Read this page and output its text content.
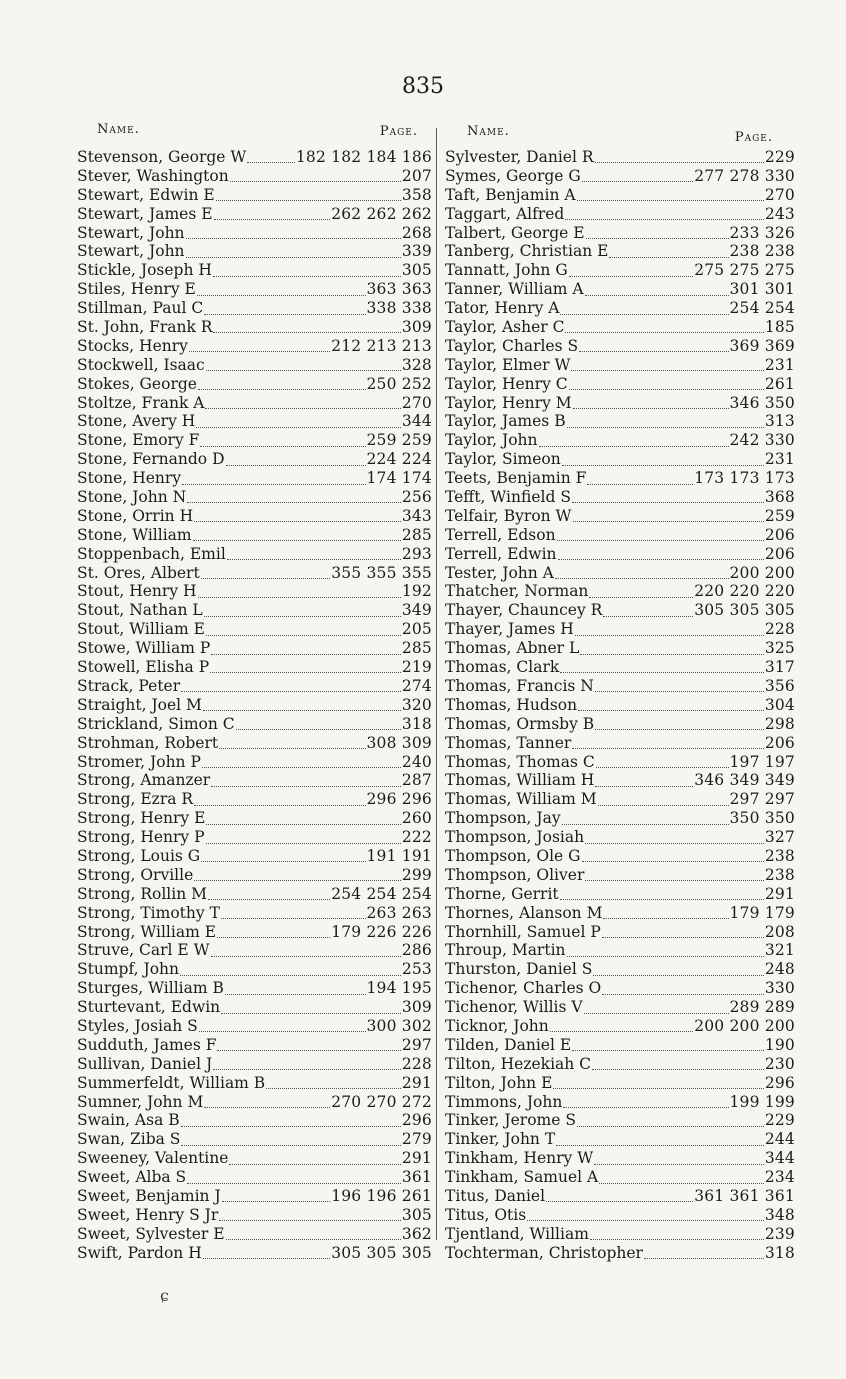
835
Name.	Page.
Stevenson, George W	182 182 184 186
Stever, Washington	207
Stewart, Edwin E	358
Stewart, James E	262 262 262
Stewart, John	268
Stewart, John	339
Stickle, Joseph H	305
Stiles, Henry E	363 363
Stillman, Paul C	338 338
St. John, Frank R	309
Stocks, Henry	212 213 213
Stockwell, Isaac	328
Stokes, George	250 252
Stoltze, Frank A	270
Stone, Avery H	344
Stone, Emory F	259 259
Stone, Fernando D	224 224
Stone, Henry	174 174
Stone, John N	256
Stone, Orrin H	343
Stone, William	285
Stoppenbach, Emil	293
St. Ores, Albert	355 355 355
Stout, Henry H	192
Stout, Nathan L	349
Stout, William E	205
Stowe, William P	285
Stowell, Elisha P	219
Strack, Peter	274
Straight, Joel M	320
Strickland, Simon C	318
Strohman, Robert	308 309
Stromer, John P	240
Strong, Amanzer	287
Strong, Ezra R	296 296
Strong, Henry E	260
Strong, Henry P	222
Strong, Louis G	191 191
Strong, Orville	299
Strong, Rollin M	254 254 254
Strong, Timothy T	263 263
Strong, William E	179 226 226
Struve, Carl E W	286
Stumpf, John	253
Sturges, William B	194 195
Sturtevant, Edwin	309
Styles, Josiah S	300 302
Sudduth, James F	297
Sullivan, Daniel J	228
Summerfeldt, William B	291
Sumner, John M	270 270 272
Swain, Asa B	296
Swan, Ziba S	279
Sweeney, Valentine	291
Sweet, Alba S	361
Sweet, Benjamin J	196 196 261
Sweet, Henry S Jr	305
Sweet, Sylvester E	362
Swift, Pardon H	305 305 305
Name.	Page.
Sylvester, Daniel R	229
Symes, George G	277 278 330
Taft, Benjamin A	270
Taggart, Alfred	243
Talbert, George E	233 326
Tanberg, Christian E	238 238
Tannatt, John G	275 275 275
Tanner, William A	301 301
Tator, Henry A	254 254
Taylor, Asher C	185
Taylor, Charles S	369 369
Taylor, Elmer W	231
Taylor, Henry C	261
Taylor, Henry M	346 350
Taylor, James B	313
Taylor, John	242 330
Taylor, Simeon	231
Teets, Benjamin F	173 173 173
Tefft, Winfield S	368
Telfair, Byron W	259
Terrell, Edson	206
Terrell, Edwin	206
Tester, John A	200 200
Thatcher, Norman	220 220 220
Thayer, Chauncey R	305 305 305
Thayer, James H	228
Thomas, Abner L	325
Thomas, Clark	317
Thomas, Francis N	356
Thomas, Hudson	304
Thomas, Ormsby B	298
Thomas, Tanner	206
Thomas, Thomas C	197 197
Thomas, William H	346 349 349
Thomas, William M	297 297
Thompson, Jay	350 350
Thompson, Josiah	327
Thompson, Ole G	238
Thompson, Oliver	238
Thorne, Gerrit	291
Thornes, Alanson M	179 179
Thornhill, Samuel P	208
Throup, Martin	321
Thurston, Daniel S	248
Tichenor, Charles O	330
Tichenor, Willis V	289 289
Ticknor, John	200 200 200
Tilden, Daniel E	190
Tilton, Hezekiah C	230
Tilton, John E	296
Timmons, John	199 199
Tinker, Jerome S	229
Tinker, John T	244
Tinkham, Henry W	344
Tinkham, Samuel A	234
Titus, Daniel	361 361 361
Titus, Otis	348
Tjentland, William	239
Tochterman, Christopher	318
ɕ
